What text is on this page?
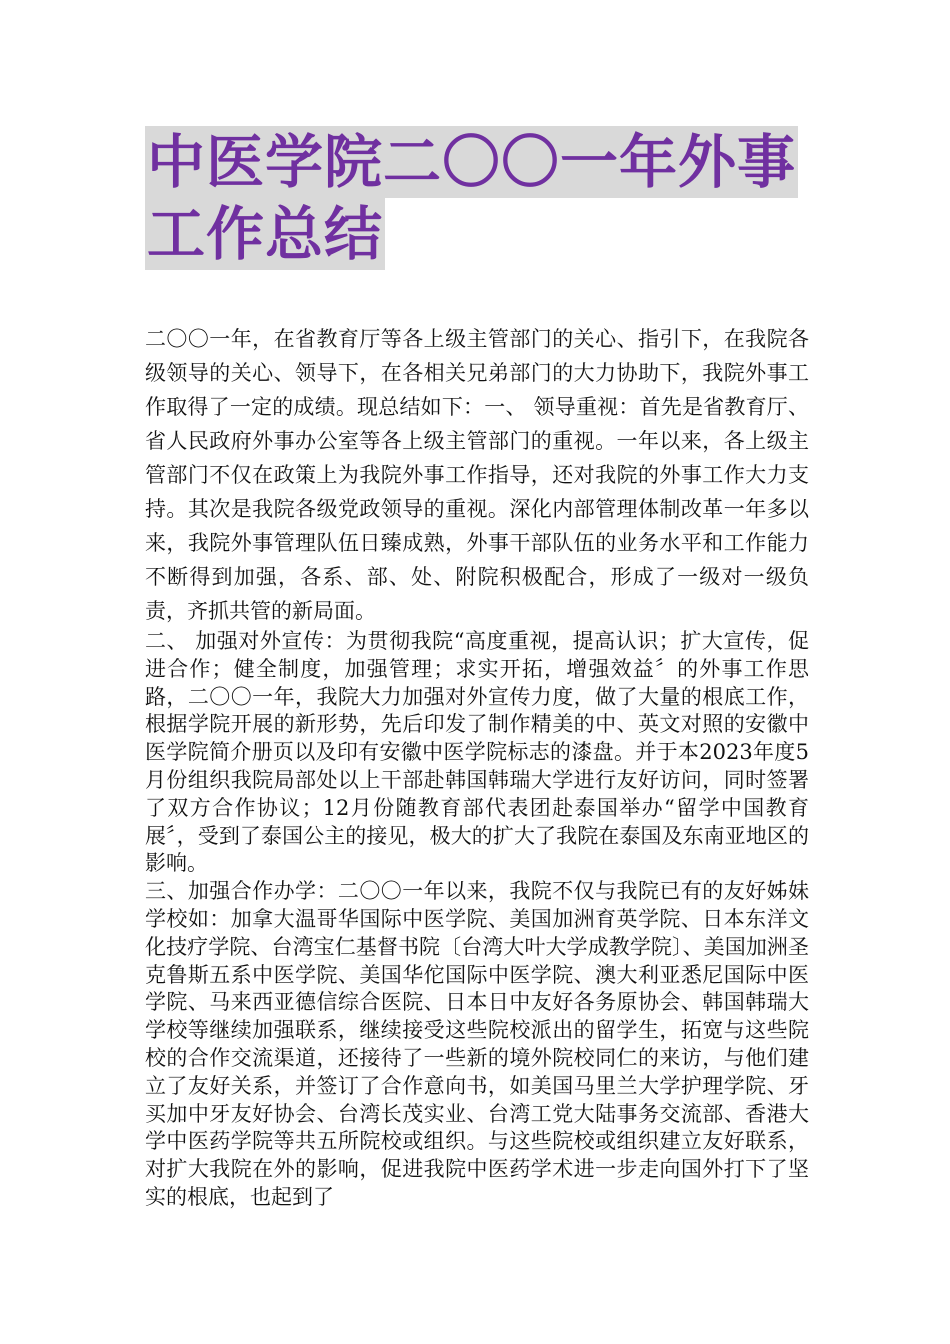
中医学院二〇〇一年外事
工作总结

二〇〇一年，在省教育厅等各上级主管部门的关心、指引下，在我院各级领导的关心、领导下，在各相关兄弟部门的大力协助下，我院外事工作取得了一定的成绩。现总结如下：一、 领导重视：首先是省教育厅、省人民政府外事办公室等各上级主管部门的重视。一年以来，各上级主管部门不仅在政策上为我院外事工作指导，还对我院的外事工作大力支持。其次是我院各级党政领导的重视。深化内部管理体制改革一年多以来，我院外事管理队伍日臻成熟，外事干部队伍的业务水平和工作能力不断得到加强，各系、部、处、附院积极配合，形成了一级对一级负责，齐抓共管的新局面。

二、 加强对外宣传：为贯彻我院“高度重视，提高认识；扩大宣传，促进合作；健全制度，加强管理；求实开拓，增强效益〞的外事工作思路，二〇〇一年，我院大力加强对外宣传力度，做了大量的根底工作，根据学院开展的新形势，先后印发了制作精美的中、英文对照的安徽中医学院简介册页以及印有安徽中医学院标志的漆盘。并于本2023年度5月份组织我院局部处以上干部赴韩国韩瑞大学进行友好访问，同时签署了双方合作协议；12月份随教育部代表团赴泰国举办“留学中国教育展〞，受到了泰国公主的接见，极大的扩大了我院在泰国及东南亚地区的影响。

三、加强合作办学：二〇〇一年以来，我院不仅与我院已有的友好姊妹学校如：加拿大温哥华国际中医学院、美国加洲育英学院、日本东洋文化技疗学院、台湾宝仁基督书院〔台湾大叶大学成教学院〕、美国加洲圣克鲁斯五系中医学院、美国华佗国际中医学院、澳大利亚悉尼国际中医学院、马来西亚德信综合医院、日本日中友好各务原协会、韩国韩瑞大学校等继续加强联系，继续接受这些院校派出的留学生，拓宽与这些院校的合作交流渠道，还接待了一些新的境外院校同仁的来访，与他们建立了友好关系，并签订了合作意向书，如美国马里兰大学护理学院、牙买加中牙友好协会、台湾长茂实业、台湾工党大陆事务交流部、香港大学中医药学院等共五所院校或组织。与这些院校或组织建立友好联系，对扩大我院在外的影响，促进我院中医药学术进一步走向国外打下了坚实的根底，也起到了
